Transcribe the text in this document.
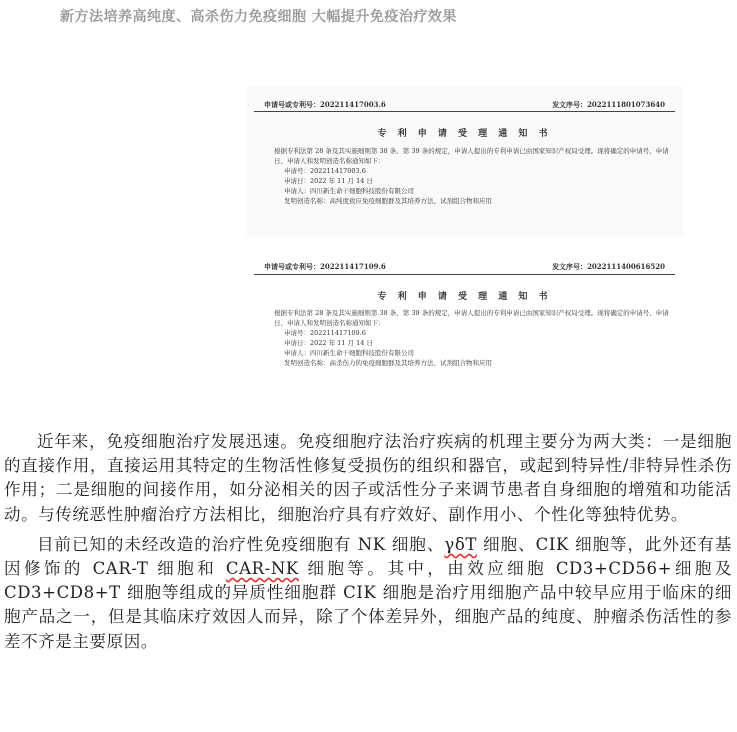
新方法培养高纯度、高杀伤力免疫细胞 大幅提升免疫治疗效果
申请号或专利号：202211417003.6	发文序号：2022111801073640
专 利 申 请 受 理 通 知 书
根据专利法第 28 条及其实施细则第 38 条、第 39 条的规定，申请人提出的专利申请已由国家知识产权局受理。现将确定的申请号、申请日、申请人和发明创造名称通知如下：
申请号：202211417003.6
申请日：2022 年 11 月 14 日
申请人：四川新生命干细胞科技股份有限公司
发明创造名称：高纯度致应免疫细胞群及其培养方法、试剂组合物和应用
申请号或专利号：202211417109.6	发文序号：2022111400616520
专 利 申 请 受 理 通 知 书
根据专利法第 28 条及其实施细则第 38 条、第 39 条的规定，申请人提出的专利申请已由国家知识产权局受理。现将确定的申请号、申请日、申请人和发明创造名称通知如下：
申请号：202211417109.6
申请日：2022 年 11 月 14 日
申请人：四川新生命干细胞科技股份有限公司
发明创造名称：高杀伤力的免疫细胞群及其培养方法、试剂组合物和应用

近年来，免疫细胞治疗发展迅速。免疫细胞疗法治疗疾病的机理主要分为两大类：一是细胞的直接作用，直接运用其特定的生物活性修复受损伤的组织和器官，或起到特异性/非特异性杀伤作用；二是细胞的间接作用，如分泌相关的因子或活性分子来调节患者自身细胞的增殖和功能活动。与传统恶性肿瘤治疗方法相比，细胞治疗具有疗效好、副作用小、个性化等独特优势。

目前已知的未经改造的治疗性免疫细胞有 NK 细胞、γδT 细胞、CIK 细胞等，此外还有基因修饰的 CAR-T 细胞和 CAR-NK 细胞等。其中，由效应细胞 CD3+CD56+细胞及 CD3+CD8+T 细胞等组成的异质性细胞群 CIK 细胞是治疗用细胞产品中较早应用于临床的细胞产品之一，但是其临床疗效因人而异，除了个体差异外，细胞产品的纯度、肿瘤杀伤活性的参差不齐是主要原因。
